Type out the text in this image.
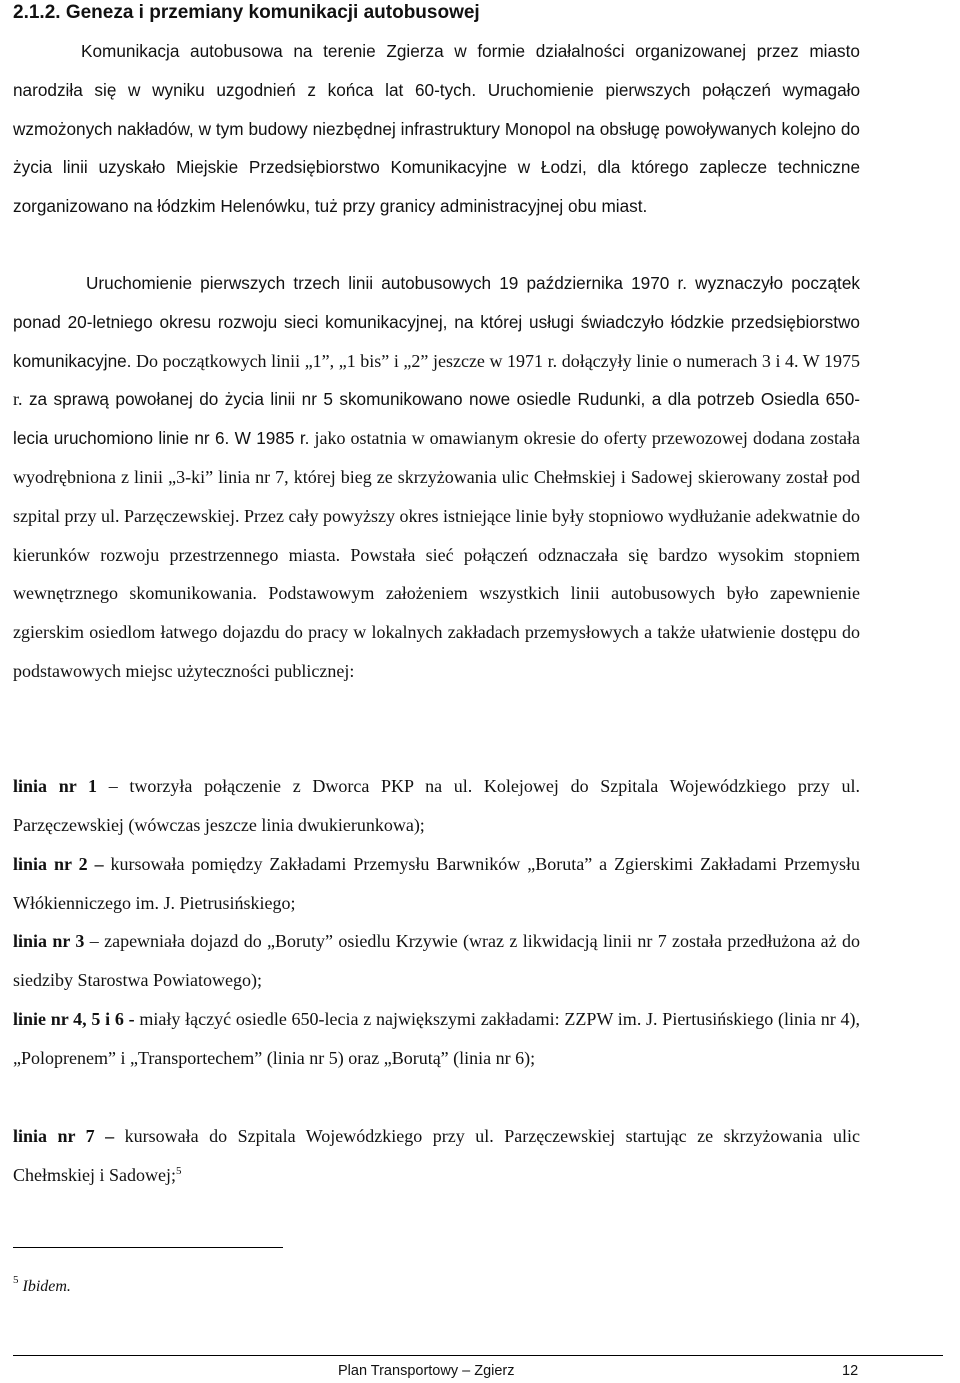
2.1.2. Geneza i przemiany komunikacji autobusowej

Komunikacja autobusowa na terenie Zgierza w formie działalności organizowanej przez miasto narodziła się w wyniku uzgodnień z końca lat 60-tych. Uruchomienie pierwszych połączeń wymagało wzmożonych nakładów, w tym budowy niezbędnej infrastruktury Monopol na obsługę powoływanych kolejno do życia linii uzyskało Miejskie Przedsiębiorstwo Komunikacyjne w Łodzi, dla którego zaplecze techniczne zorganizowano na łódzkim Helenówku, tuż przy granicy administracyjnej obu miast.

Uruchomienie pierwszych trzech linii autobusowych 19 października 1970 r. wyznaczyło początek ponad 20-letniego okresu rozwoju sieci komunikacyjnej, na której usługi świadczyło łódzkie przedsiębiorstwo komunikacyjne. Do początkowych linii „1”, „1 bis” i „2” jeszcze w 1971 r. dołączyły linie o numerach 3 i 4. W 1975 r. za sprawą powołanej do życia linii nr 5 skomunikowano nowe osiedle Rudunki, a dla potrzeb Osiedla 650-lecia uruchomiono linie nr 6. W 1985 r. jako ostatnia w omawianym okresie do oferty przewozowej dodana została wyodrębniona z linii „3-ki” linia nr 7, której bieg ze skrzyżowania ulic Chełmskiej i Sadowej skierowany został pod szpital przy ul. Parzęczewskiej. Przez cały powyższy okres istniejące linie były stopniowo wydłużanie adekwatnie do kierunków rozwoju przestrzennego miasta. Powstała sieć połączeń odznaczała się bardzo wysokim stopniem wewnętrznego skomunikowania. Podstawowym założeniem wszystkich linii autobusowych było zapewnienie zgierskim osiedlom łatwego dojazdu do pracy w lokalnych zakładach przemysłowych a także ułatwienie dostępu do podstawowych miejsc użyteczności publicznej:

linia nr 1 – tworzyła połączenie z Dworca PKP na ul. Kolejowej do Szpitala Wojewódzkiego przy ul. Parzęczewskiej (wówczas jeszcze linia dwukierunkowa);

linia nr 2 – kursowała pomiędzy Zakładami Przemysłu Barwników „Boruta” a Zgierskimi Zakładami Przemysłu Włókienniczego im. J. Pietrusińskiego;

linia nr 3 – zapewniała dojazd do „Boruty” osiedlu Krzywie (wraz z likwidacją linii nr 7 została przedłużona aż do siedziby Starostwa Powiatowego);

linie nr 4, 5 i 6 - miały łączyć osiedle 650-lecia z największymi zakładami: ZZPW im. J. Piertusińskiego (linia nr 4), „Poloprenem” i „Transportechem” (linia nr 5) oraz „Borutą” (linia nr 6);

linia nr 7 – kursowała do Szpitala Wojewódzkiego przy ul. Parzęczewskiej startując ze skrzyżowania ulic Chełmskiej i Sadowej;$^5$

$^5$ Ibidem.

Plan Transportowy – Zgierz	12
